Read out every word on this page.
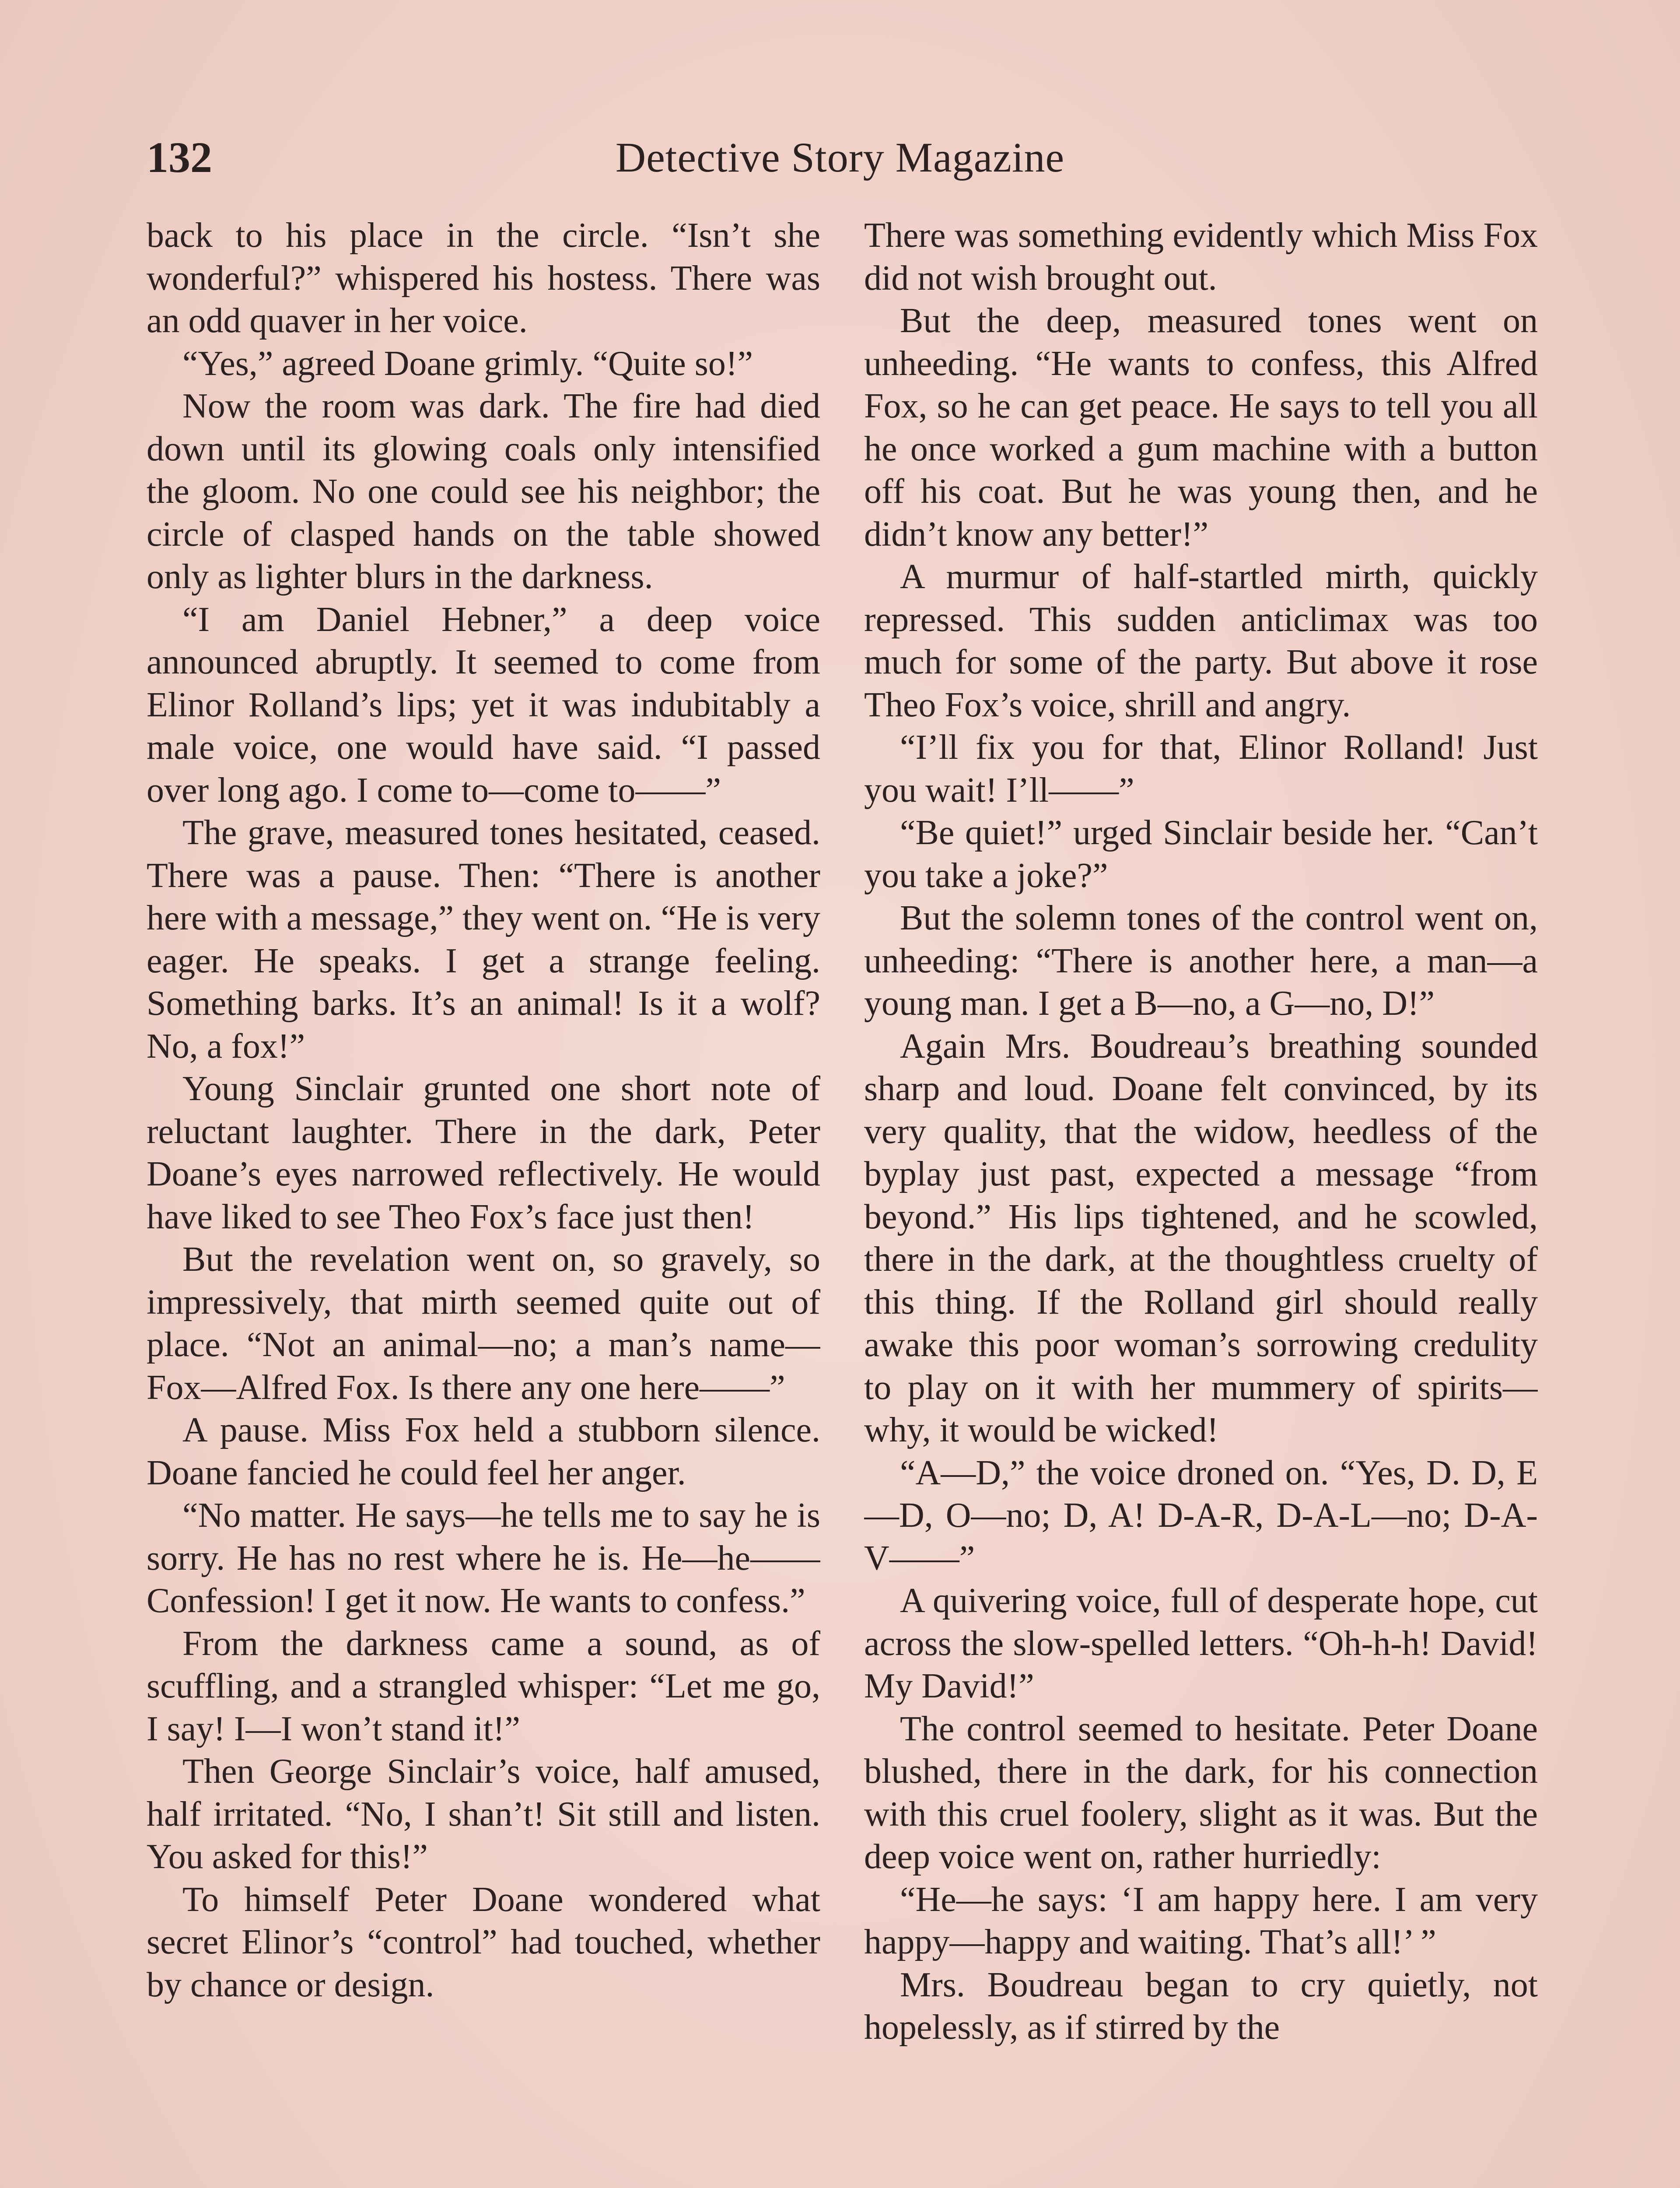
132	Detective Story Magazine

back to his place in the circle. “Isn’t she wonderful?” whispered his hostess. There was an odd quaver in her voice.

“Yes,” agreed Doane grimly. “Quite so!”

Now the room was dark. The fire had died down until its glowing coals only intensified the gloom. No one could see his neighbor; the circle of clasped hands on the table showed only as lighter blurs in the darkness.

“I am Daniel Hebner,” a deep voice announced abruptly. It seemed to come from Elinor Rolland’s lips; yet it was indubitably a male voice, one would have said. “I passed over long ago. I come to—come to——”

The grave, measured tones hesitated, ceased. There was a pause. Then: “There is another here with a message,” they went on. “He is very eager. He speaks. I get a strange feeling. Something barks. It’s an animal! Is it a wolf? No, a fox!”

Young Sinclair grunted one short note of reluctant laughter. There in the dark, Peter Doane’s eyes narrowed reflectively. He would have liked to see Theo Fox’s face just then!

But the revelation went on, so gravely, so impressively, that mirth seemed quite out of place. “Not an animal—no; a man’s name—Fox—Alfred Fox. Is there any one here——”

A pause. Miss Fox held a stubborn silence. Doane fancied he could feel her anger.

“No matter. He says—he tells me to say he is sorry. He has no rest where he is. He—he—— Confession! I get it now. He wants to confess.”

From the darkness came a sound, as of scuffling, and a strangled whisper: “Let me go, I say! I—I won’t stand it!”

Then George Sinclair’s voice, half amused, half irritated. “No, I shan’t! Sit still and listen. You asked for this!”

To himself Peter Doane wondered what secret Elinor’s “control” had touched, whether by chance or design.

There was something evidently which Miss Fox did not wish brought out.

But the deep, measured tones went on unheeding. “He wants to confess, this Alfred Fox, so he can get peace. He says to tell you all he once worked a gum machine with a button off his coat. But he was young then, and he didn’t know any better!”

A murmur of half-startled mirth, quickly repressed. This sudden anticlimax was too much for some of the party. But above it rose Theo Fox’s voice, shrill and angry.

“I’ll fix you for that, Elinor Rolland! Just you wait! I’ll——”

“Be quiet!” urged Sinclair beside her. “Can’t you take a joke?”

But the solemn tones of the control went on, unheeding: “There is another here, a man—a young man. I get a B—no, a G—no, D!”

Again Mrs. Boudreau’s breathing sounded sharp and loud. Doane felt convinced, by its very quality, that the widow, heedless of the byplay just past, expected a message “from beyond.” His lips tightened, and he scowled, there in the dark, at the thoughtless cruelty of this thing. If the Rolland girl should really awake this poor woman’s sorrowing credulity to play on it with her mummery of spirits—why, it would be wicked!

“A—D,” the voice droned on. “Yes, D. D, E—D, O—no; D, A! D-A-R, D-A-L—no; D-A-V——”

A quivering voice, full of desperate hope, cut across the slow-spelled letters. “Oh-h-h! David! My David!”

The control seemed to hesitate. Peter Doane blushed, there in the dark, for his connection with this cruel foolery, slight as it was. But the deep voice went on, rather hurriedly:

“He—he says: ‘I am happy here. I am very happy—happy and waiting. That’s all!’ ”

Mrs. Boudreau began to cry quietly, not hopelessly, as if stirred by the
